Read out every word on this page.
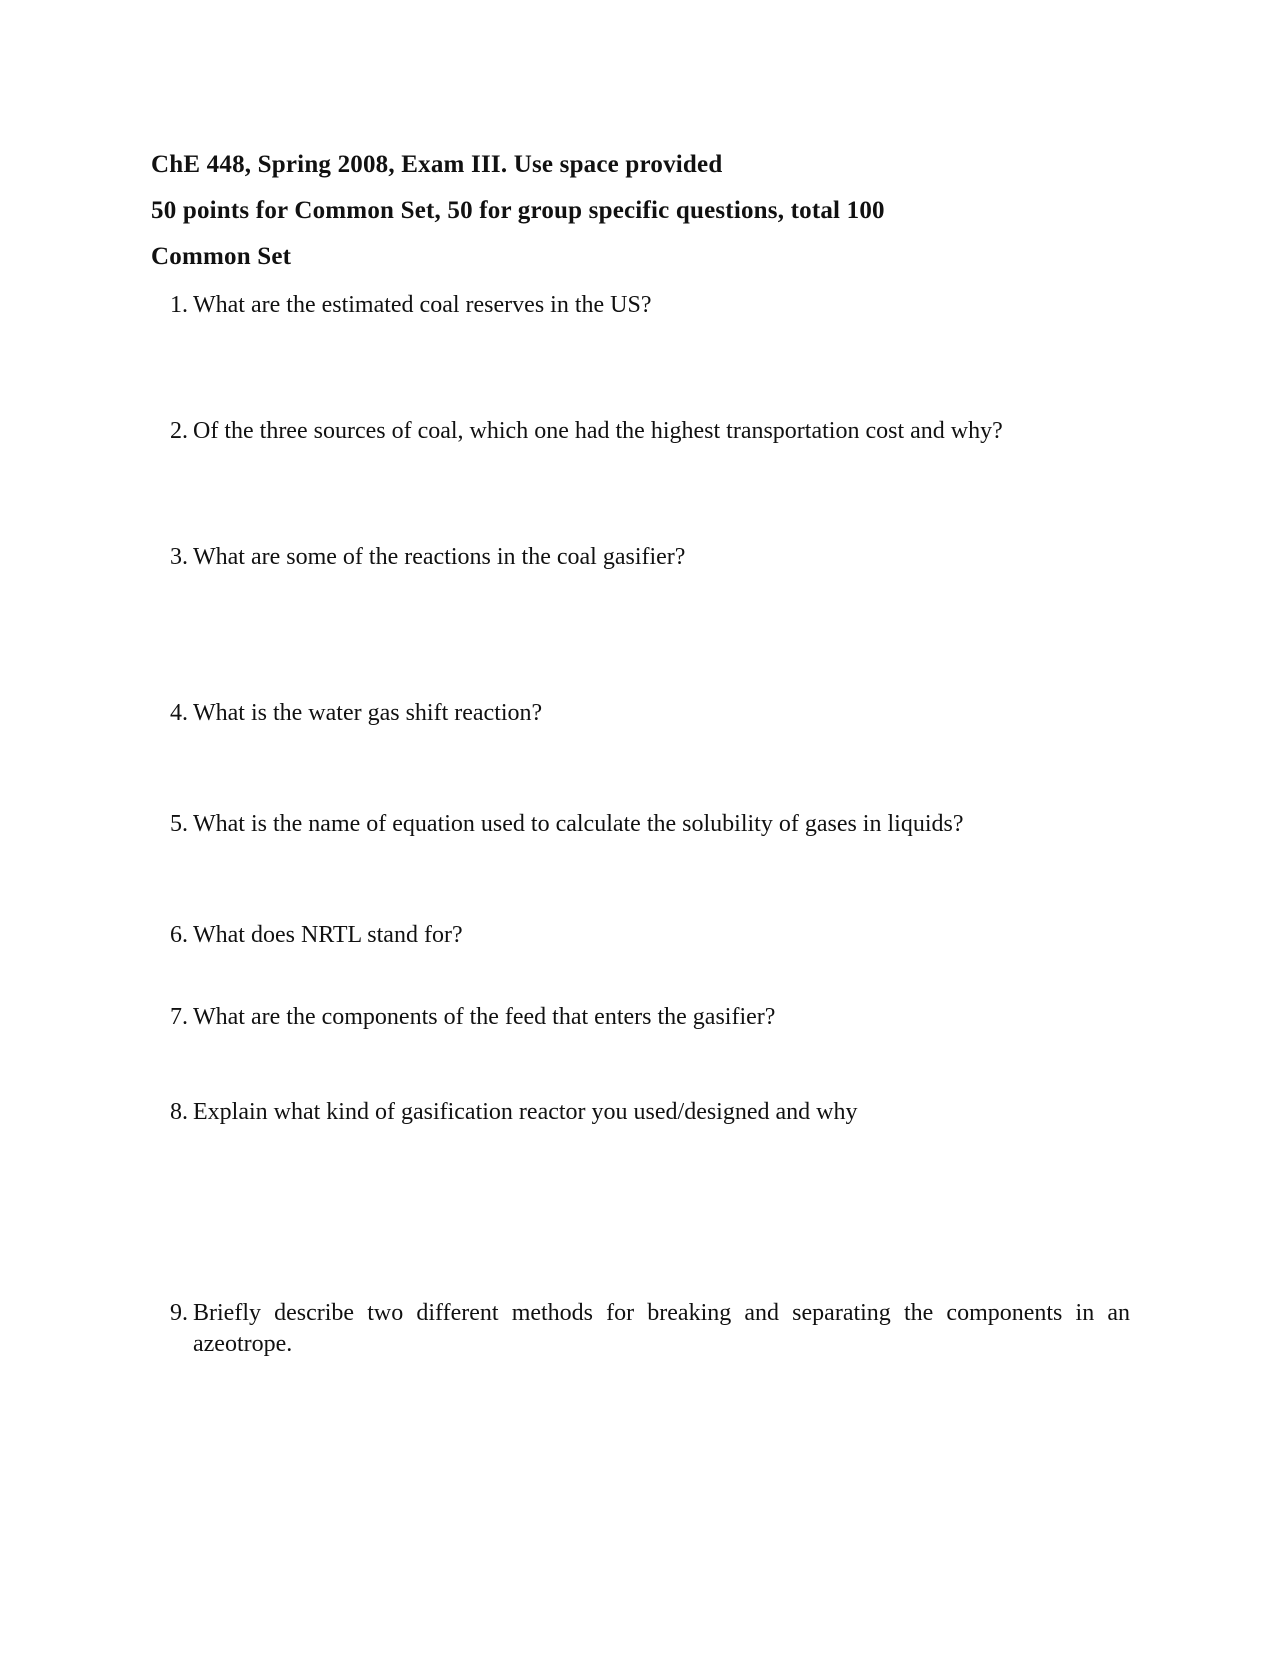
ChE 448, Spring 2008, Exam III. Use space provided
50 points for Common Set, 50 for group specific questions, total 100
Common Set
1. What are the estimated coal reserves in the US?
2. Of the three sources of coal, which one had the highest transportation cost and why?
3. What are some of the reactions in the coal gasifier?
4. What is the water gas shift reaction?
5. What is the name of equation used to calculate the solubility of gases in liquids?
6. What does NRTL stand for?
7. What are the components of the feed that enters the gasifier?
8. Explain what kind of gasification reactor you used/designed and why
9. Briefly describe two different methods for breaking and separating the components in an azeotrope.
